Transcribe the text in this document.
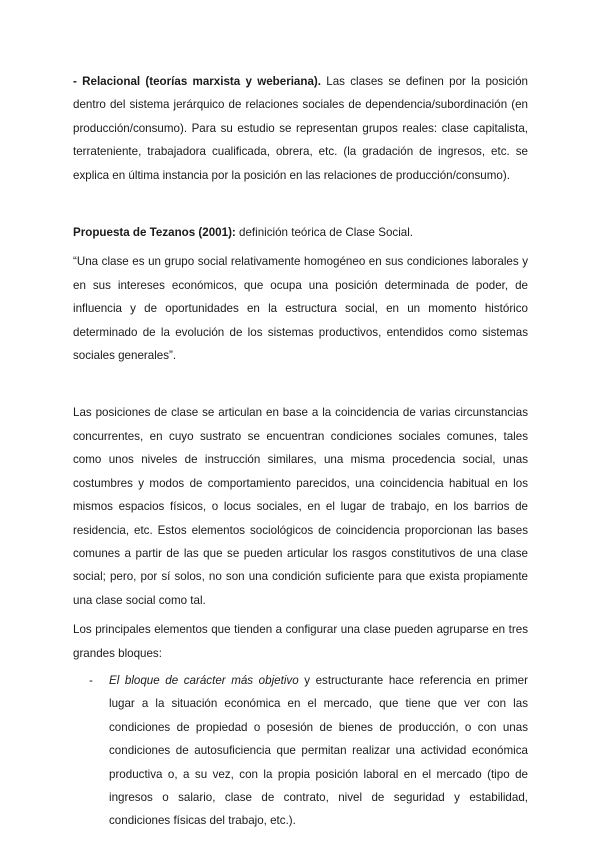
- Relacional (teorías marxista y weberiana). Las clases se definen por la posición dentro del sistema jerárquico de relaciones sociales de dependencia/subordinación (en producción/consumo). Para su estudio se representan grupos reales: clase capitalista, terrateniente, trabajadora cualificada, obrera, etc. (la gradación de ingresos, etc. se explica en última instancia por la posición en las relaciones de producción/consumo).

Propuesta de Tezanos (2001): definición teórica de Clase Social.

“Una clase es un grupo social relativamente homogéneo en sus condiciones laborales y en sus intereses económicos, que ocupa una posición determinada de poder, de influencia y de oportunidades en la estructura social, en un momento histórico determinado de la evolución de los sistemas productivos, entendidos como sistemas sociales generales”.

Las posiciones de clase se articulan en base a la coincidencia de varias circunstancias concurrentes, en cuyo sustrato se encuentran condiciones sociales comunes, tales como unos niveles de instrucción similares, una misma procedencia social, unas costumbres y modos de comportamiento parecidos, una coincidencia habitual en los mismos espacios físicos, o locus sociales, en el lugar de trabajo, en los barrios de residencia, etc. Estos elementos sociológicos de coincidencia proporcionan las bases comunes a partir de las que se pueden articular los rasgos constitutivos de una clase social; pero, por sí solos, no son una condición suficiente para que exista propiamente una clase social como tal.

Los principales elementos que tienden a configurar una clase pueden agruparse en tres grandes bloques:

- El bloque de carácter más objetivo y estructurante hace referencia en primer lugar a la situación económica en el mercado, que tiene que ver con las condiciones de propiedad o posesión de bienes de producción, o con unas condiciones de autosuficiencia que permitan realizar una actividad económica productiva o, a su vez, con la propia posición laboral en el mercado (tipo de ingresos o salario, clase de contrato, nivel de seguridad y estabilidad, condiciones físicas del trabajo, etc.).
